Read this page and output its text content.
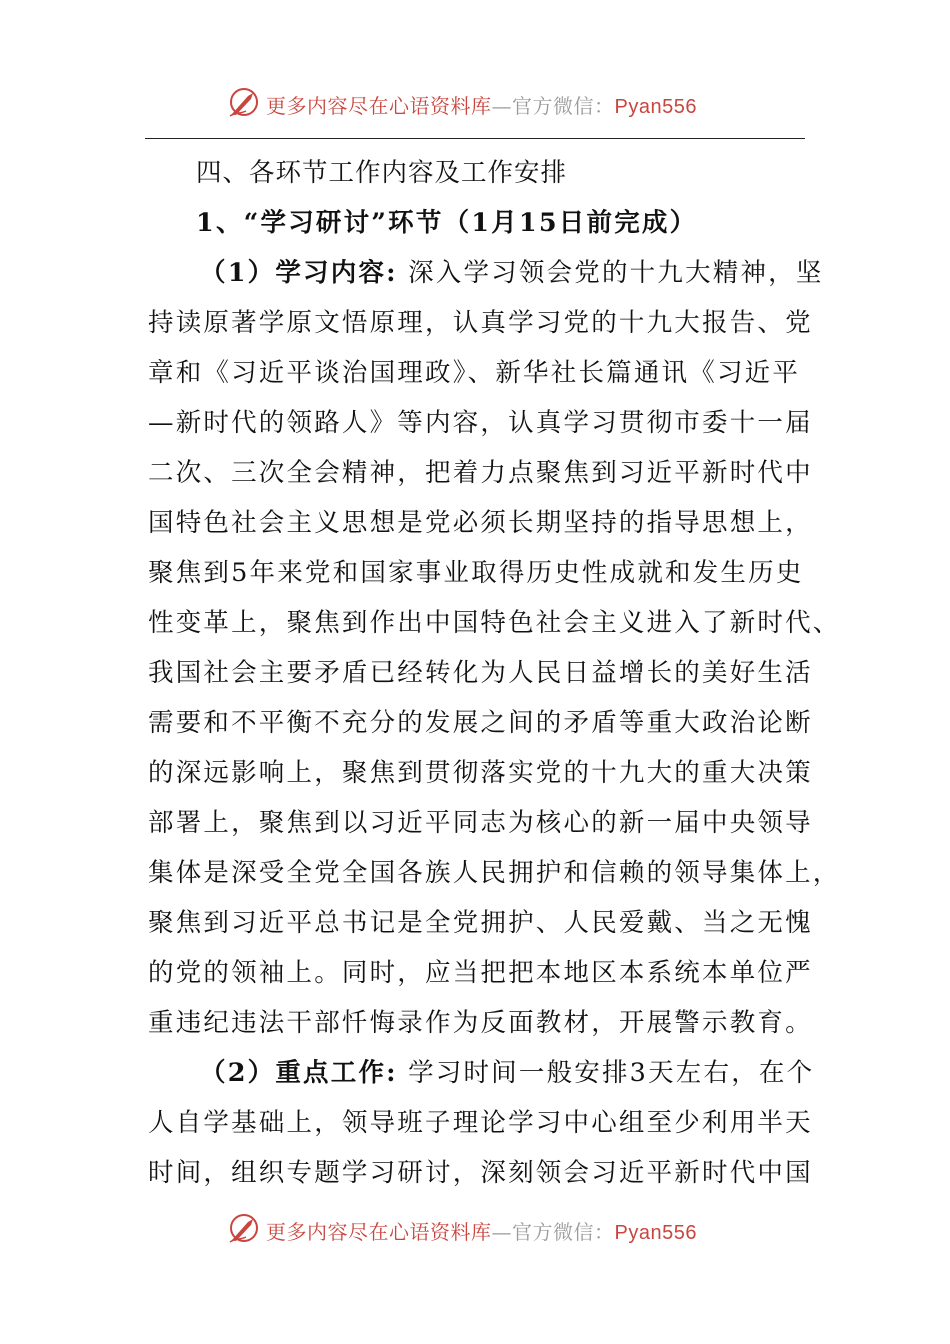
更多内容尽在心语资料库—官方微信：Pyan556
四、各环节工作内容及工作安排
1、“学习研讨”环节（1月15日前完成）
（1）学习内容: 深入学习领会党的十九大精神，坚
持读原著学原文悟原理，认真学习党的十九大报告、党
章和《习近平谈治国理政》、新华社长篇通讯《习近平
—新时代的领路人》等内容，认真学习贯彻市委十一届
二次、三次全会精神，把着力点聚焦到习近平新时代中
国特色社会主义思想是党必须长期坚持的指导思想上，
聚焦到5年来党和国家事业取得历史性成就和发生历史
性变革上，聚焦到作出中国特色社会主义进入了新时代、
我国社会主要矛盾已经转化为人民日益增长的美好生活
需要和不平衡不充分的发展之间的矛盾等重大政治论断
的深远影响上，聚焦到贯彻落实党的十九大的重大决策
部署上，聚焦到以习近平同志为核心的新一届中央领导
集体是深受全党全国各族人民拥护和信赖的领导集体上，
聚焦到习近平总书记是全党拥护、人民爱戴、当之无愧
的党的领袖上。同时，应当把把本地区本系统本单位严
重违纪违法干部忏悔录作为反面教材，开展警示教育。
（2）重点工作: 学习时间一般安排3天左右，在个
人自学基础上，领导班子理论学习中心组至少利用半天
时间，组织专题学习研讨，深刻领会习近平新时代中国
更多内容尽在心语资料库—官方微信：Pyan556
